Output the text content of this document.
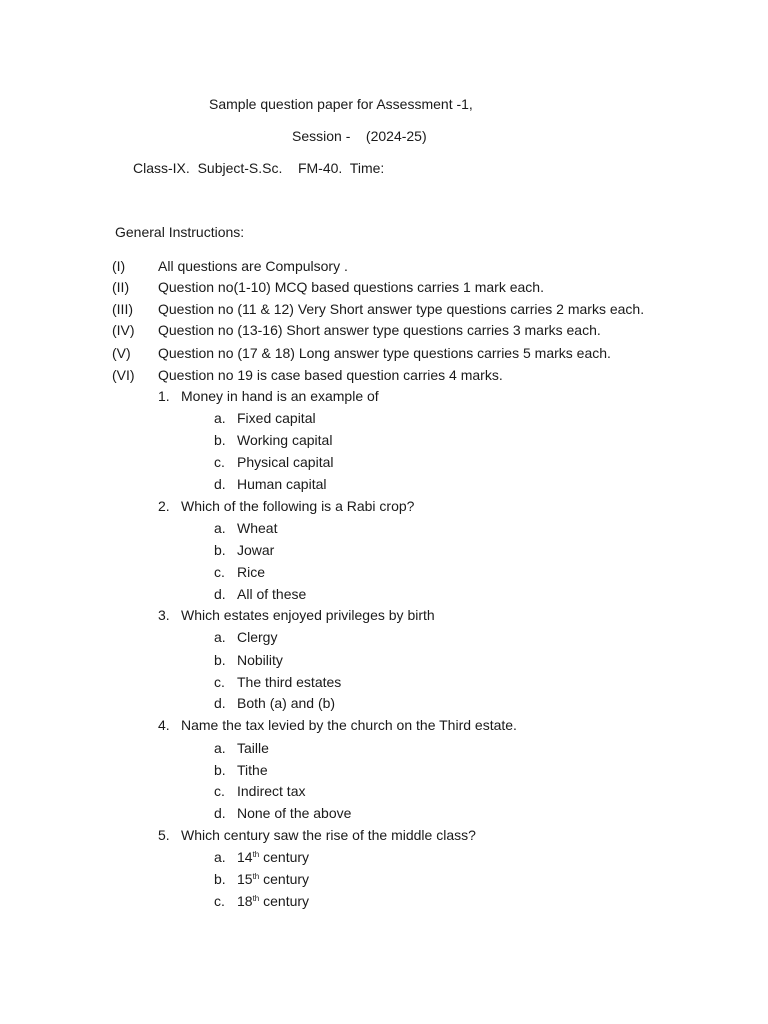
Sample question paper for Assessment -1,
Session -    (2024-25)
Class-IX.  Subject-S.Sc.    FM-40.  Time:
General Instructions:
(I) All questions are Compulsory .
(II) Question no(1-10) MCQ based questions carries 1 mark each.
(III) Question no (11 & 12) Very Short answer type questions carries 2 marks each.
(IV) Question no (13-16) Short answer type questions carries 3 marks each.
(V) Question no (17 & 18) Long answer type questions carries 5 marks each.
(VI) Question no 19 is case based question carries 4 marks.
1. Money in hand is an example of
a. Fixed capital
b. Working capital
c. Physical capital
d. Human capital
2. Which of the following is a Rabi crop?
a. Wheat
b. Jowar
c. Rice
d. All of these
3. Which estates enjoyed privileges by birth
a. Clergy
b. Nobility
c. The third estates
d. Both (a) and (b)
4. Name the tax levied by the church on the Third estate.
a. Taille
b. Tithe
c. Indirect tax
d. None of the above
5. Which century saw the rise of the middle class?
a. 14th century
b. 15th century
c. 18th century
